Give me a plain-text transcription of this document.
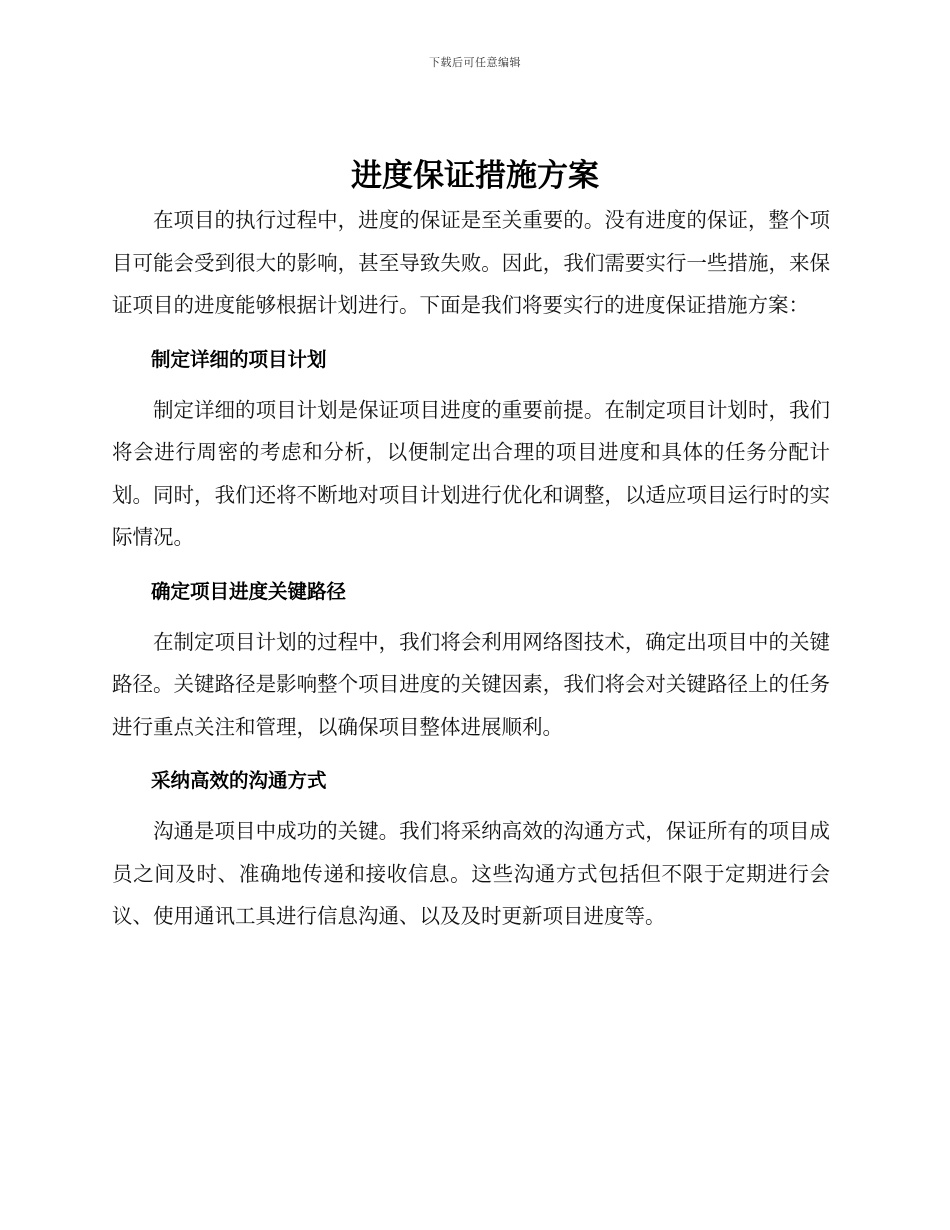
下载后可任意编辑
进度保证措施方案

在项目的执行过程中，进度的保证是至关重要的。没有进度的保证，整个项目可能会受到很大的影响，甚至导致失败。因此，我们需要实行一些措施，来保证项目的进度能够根据计划进行。下面是我们将要实行的进度保证措施方案：

制定详细的项目计划

制定详细的项目计划是保证项目进度的重要前提。在制定项目计划时，我们将会进行周密的考虑和分析，以便制定出合理的项目进度和具体的任务分配计划。同时，我们还将不断地对项目计划进行优化和调整，以适应项目运行时的实际情况。

确定项目进度关键路径

在制定项目计划的过程中，我们将会利用网络图技术，确定出项目中的关键路径。关键路径是影响整个项目进度的关键因素，我们将会对关键路径上的任务进行重点关注和管理，以确保项目整体进展顺利。

采纳高效的沟通方式

沟通是项目中成功的关键。我们将采纳高效的沟通方式，保证所有的项目成员之间及时、准确地传递和接收信息。这些沟通方式包括但不限于定期进行会议、使用通讯工具进行信息沟通、以及及时更新项目进度等。
